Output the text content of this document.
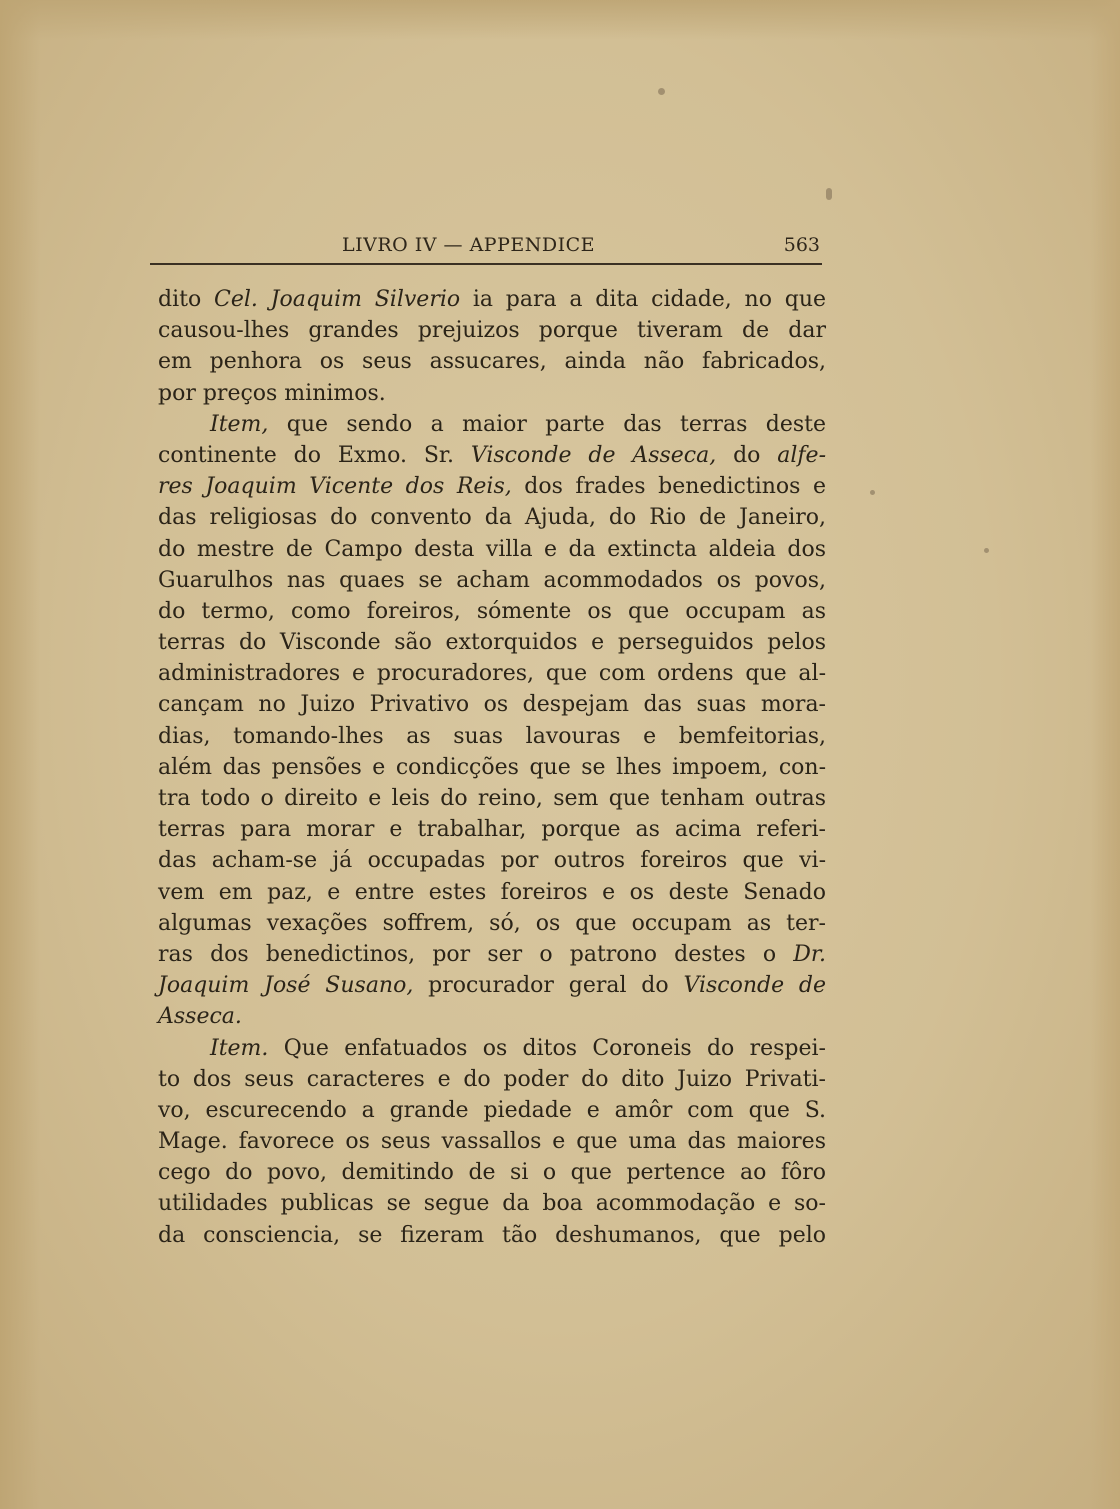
LIVRO IV — APPENDICE	563
dito Cel. Joaquim Silverio ia para a dita cidade, no que
causou-lhes grandes prejuizos porque tiveram de dar
em penhora os seus assucares, ainda não fabricados,
por preços minimos.
Item, que sendo a maior parte das terras deste
continente do Exmo. Sr. Visconde de Asseca, do alfe-
res Joaquim Vicente dos Reis, dos frades benedictinos e
das religiosas do convento da Ajuda, do Rio de Janeiro,
do mestre de Campo desta villa e da extincta aldeia dos
Guarulhos nas quaes se acham acommodados os povos,
do termo, como foreiros, sómente os que occupam as
terras do Visconde são extorquidos e perseguidos pelos
administradores e procuradores, que com ordens que al-
cançam no Juizo Privativo os despejam das suas mora-
dias, tomando-lhes as suas lavouras e bemfeitorias,
além das pensões e condicções que se lhes impoem, con-
tra todo o direito e leis do reino, sem que tenham outras
terras para morar e trabalhar, porque as acima referi-
das acham-se já occupadas por outros foreiros que vi-
vem em paz, e entre estes foreiros e os deste Senado
algumas vexações soffrem, só, os que occupam as ter-
ras dos benedictinos, por ser o patrono destes o Dr.
Joaquim José Susano, procurador geral do Visconde de
Asseca.
Item. Que enfatuados os ditos Coroneis do respei-
to dos seus caracteres e do poder do dito Juizo Privati-
vo, escurecendo a grande piedade e amôr com que S.
Mage. favorece os seus vassallos e que uma das maiores
cego do povo, demitindo de si o que pertence ao fôro
utilidades publicas se segue da boa acommodação e so-
da consciencia, se fizeram tão deshumanos, que pelo
